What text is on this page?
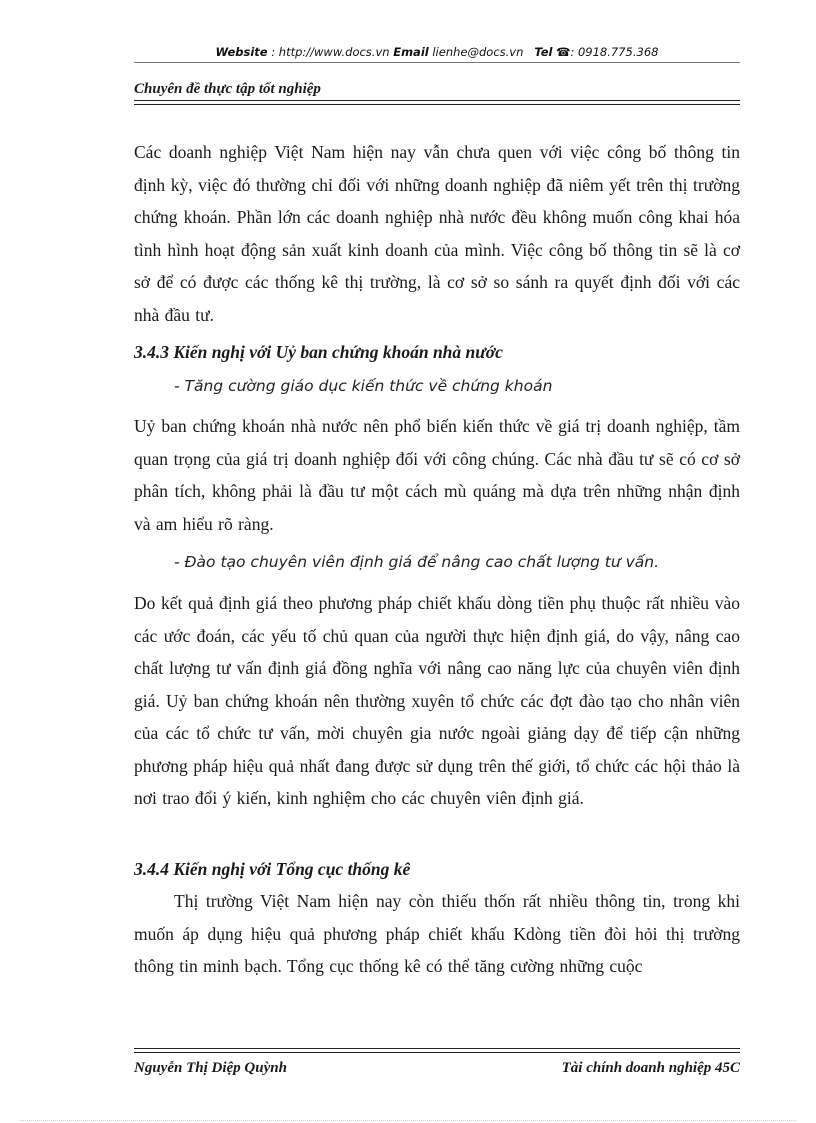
Website : http://www.docs.vn Email lienhe@docs.vn Tel ☎: 0918.775.368
Chuyên đề thực tập tốt nghiệp
Các doanh nghiệp Việt Nam hiện nay vẫn chưa quen với việc công bố thông tin định kỳ, việc đó thường chỉ đối với những doanh nghiệp đã niêm yết trên thị trường chứng khoán. Phần lớn các doanh nghiệp nhà nước đều không muốn công khai hóa tình hình hoạt động sản xuất kinh doanh của mình. Việc công bố thông tin sẽ là cơ sở để có được các thống kê thị trường, là cơ sở so sánh ra quyết định đối với các nhà đầu tư.
3.4.3 Kiến nghị với Uỷ ban chứng khoán nhà nước
- Tăng cường giáo dục kiến thức về chứng khoán
Uỷ ban chứng khoán nhà nước nên phổ biến kiến thức về giá trị doanh nghiệp, tầm quan trọng của giá trị doanh nghiệp đối với công chúng. Các nhà đầu tư sẽ có cơ sở phân tích, không phải là đầu tư một cách mù quáng mà dựa trên những nhận định và am hiểu rõ ràng.
- Đào tạo chuyên viên định giá để nâng cao chất lượng tư vấn.
Do kết quả định giá theo phương pháp chiết khấu dòng tiền phụ thuộc rất nhiều vào các ước đoán, các yếu tố chủ quan của người thực hiện định giá, do vậy, nâng cao chất lượng tư vấn định giá đồng nghĩa với nâng cao năng lực của chuyên viên định giá. Uỷ ban chứng khoán nên thường xuyên tổ chức các đợt đào tạo cho nhân viên của các tổ chức tư vấn, mời chuyên gia nước ngoài giảng dạy để tiếp cận những phương pháp hiệu quả nhất đang được sử dụng trên thế giới, tổ chức các hội thảo là nơi trao đổi ý kiến, kinh nghiệm cho các chuyên viên định giá.
3.4.4 Kiến nghị với Tổng cục thống kê
Thị trường Việt Nam hiện nay còn thiếu thốn rất nhiều thông tin, trong khi muốn áp dụng hiệu quả phương pháp chiết khấu Kdòng tiền đòi hỏi thị trường thông tin minh bạch. Tổng cục thống kê có thể tăng cường những cuộc
Nguyễn Thị Diệp Quỳnh	Tài chính doanh nghiệp 45C
